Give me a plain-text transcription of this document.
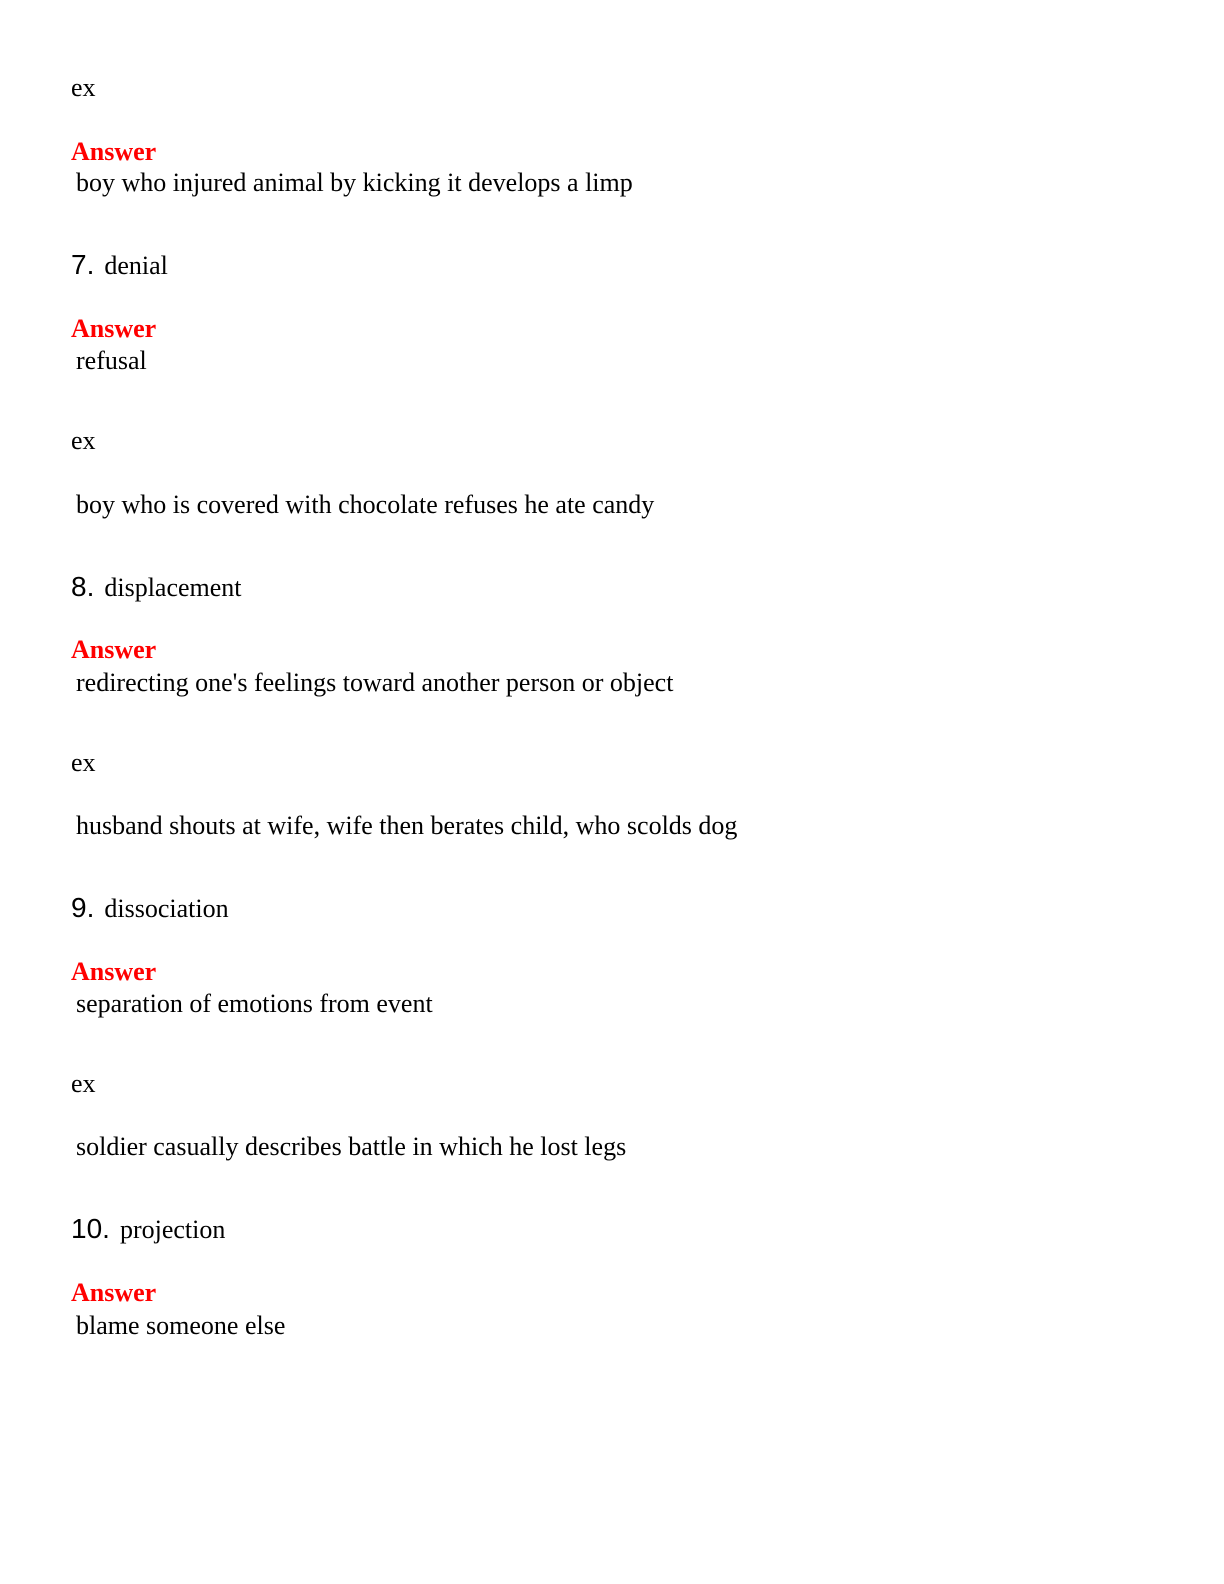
ex
Answer
boy who injured animal by kicking it develops a limp
7. denial
Answer
refusal
ex
boy who is covered with chocolate refuses he ate candy
8. displacement
Answer
redirecting one's feelings toward another person or object
ex
husband shouts at wife, wife then berates child, who scolds dog
9. dissociation
Answer
separation of emotions from event
ex
soldier casually describes battle in which he lost legs
10. projection
Answer
blame someone else
